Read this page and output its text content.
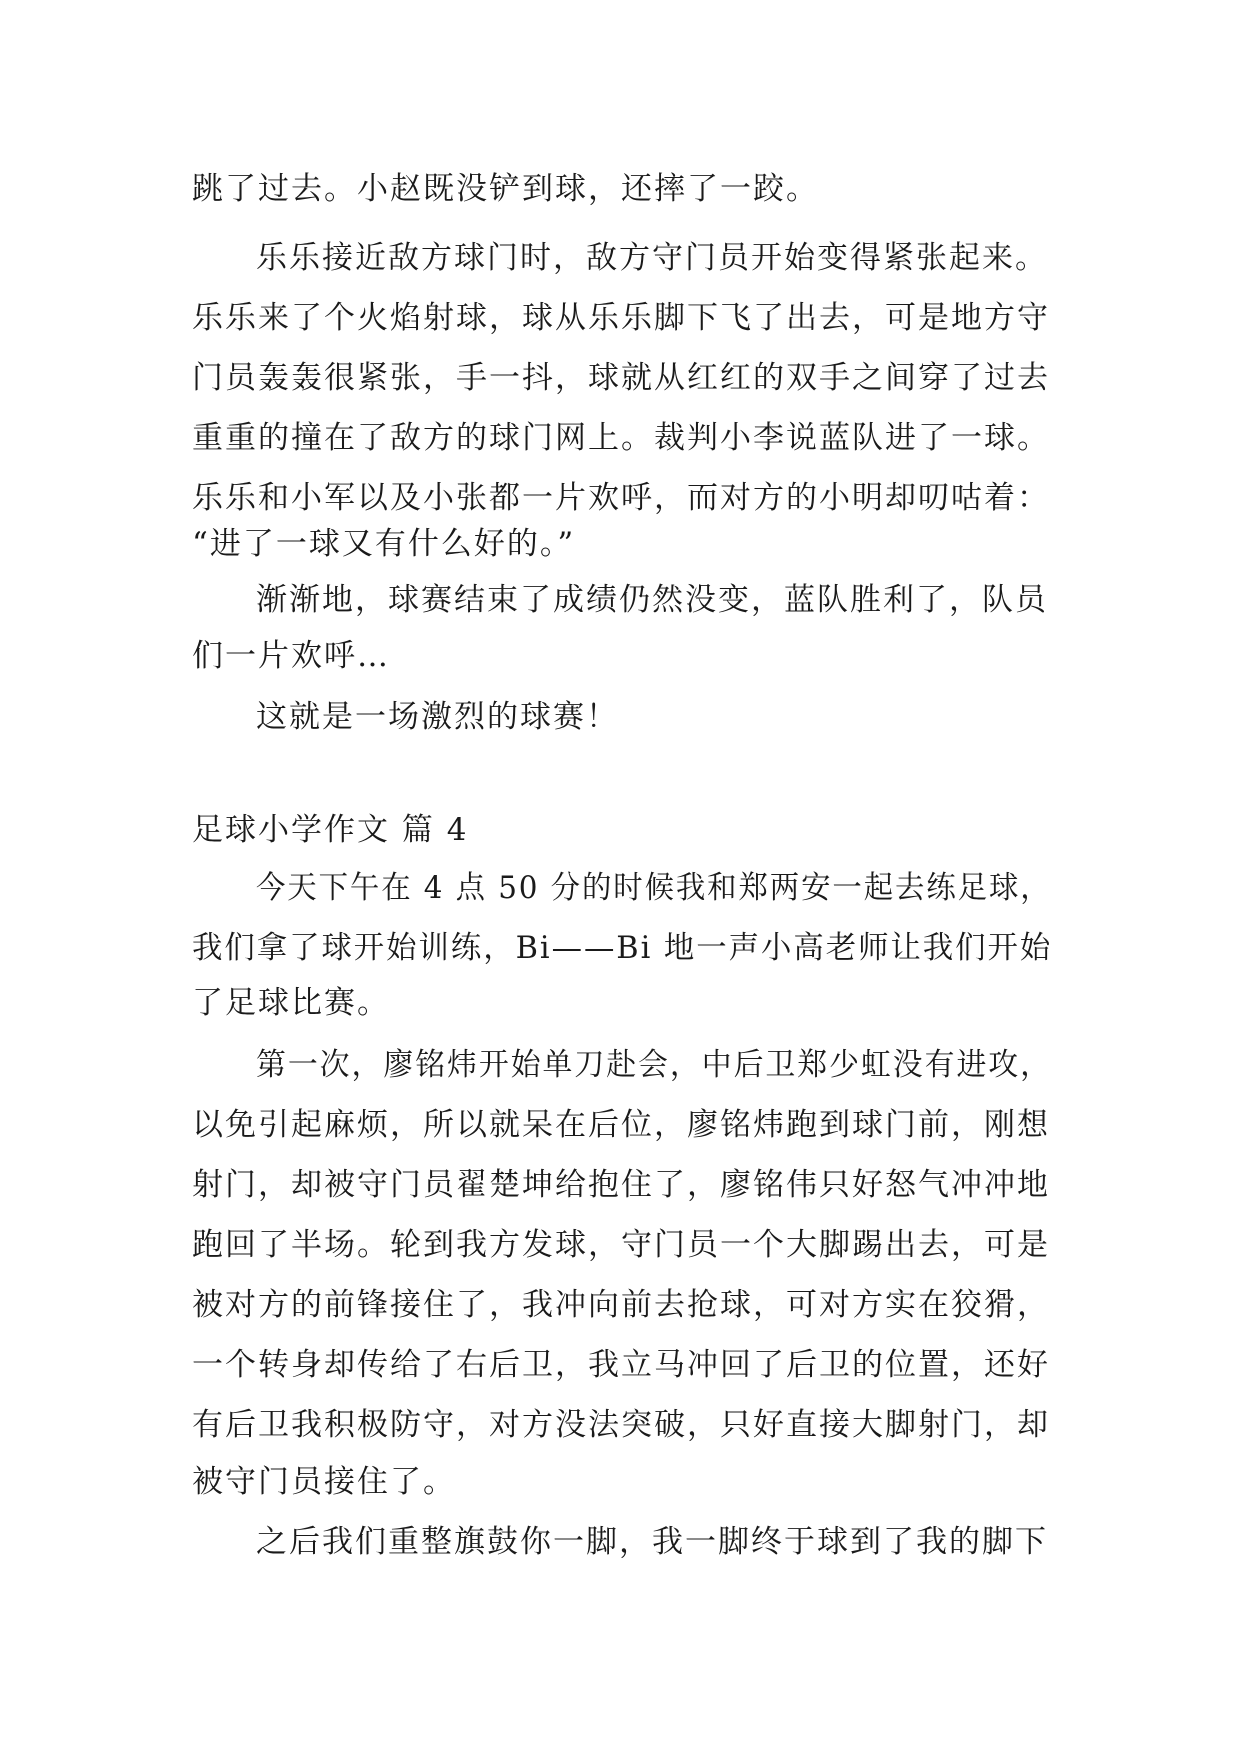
跳了过去。小赵既没铲到球，还摔了一跤。
乐乐接近敌方球门时，敌方守门员开始变得紧张起来。
乐乐来了个火焰射球，球从乐乐脚下飞了出去，可是地方守
门员轰轰很紧张，手一抖，球就从红红的双手之间穿了过去
重重的撞在了敌方的球门网上。裁判小李说蓝队进了一球。
乐乐和小军以及小张都一片欢呼，而对方的小明却叨咕着：
“进了一球又有什么好的。”
渐渐地，球赛结束了成绩仍然没变，蓝队胜利了，队员
们一片欢呼…
这就是一场激烈的球赛！
足球小学作文 篇 4
今天下午在 4 点 50 分的时候我和郑两安一起去练足球，
我们拿了球开始训练，Bi——Bi 地一声小高老师让我们开始
了足球比赛。
第一次，廖铭炜开始单刀赴会，中后卫郑少虹没有进攻，
以免引起麻烦，所以就呆在后位，廖铭炜跑到球门前，刚想
射门，却被守门员翟楚坤给抱住了，廖铭伟只好怒气冲冲地
跑回了半场。轮到我方发球，守门员一个大脚踢出去，可是
被对方的前锋接住了，我冲向前去抢球，可对方实在狡猾，
一个转身却传给了右后卫，我立马冲回了后卫的位置，还好
有后卫我积极防守，对方没法突破，只好直接大脚射门，却
被守门员接住了。
之后我们重整旗鼓你一脚，我一脚终于球到了我的脚下
